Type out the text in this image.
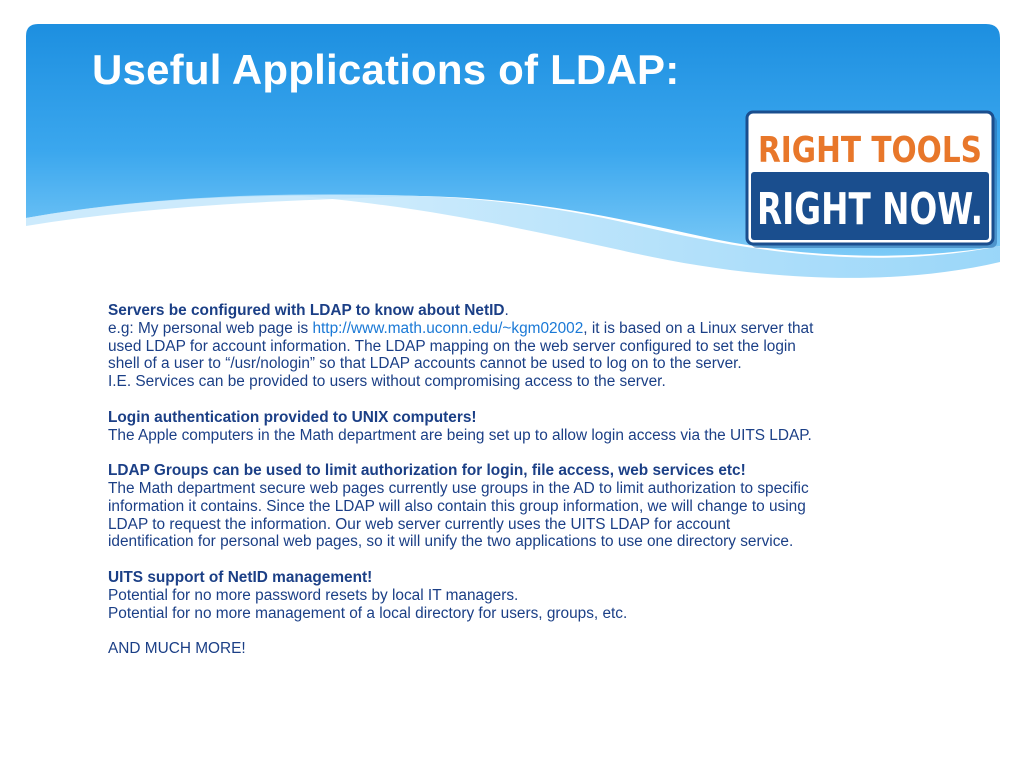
Useful Applications of LDAP:
RIGHT TOOLS
RIGHT NOW.
Servers be configured with LDAP to know about NetID.
e.g: My personal web page is http://www.math.uconn.edu/~kgm02002, it is based on a Linux server that
used LDAP for account information. The LDAP mapping on the web server configured to set the login
shell of a user to “/usr/nologin” so that LDAP accounts cannot be used to log on to the server.
I.E. Services can be provided to users without compromising access to the server.
Login authentication provided to UNIX computers!
The Apple computers in the Math department are being set up to allow login access via the UITS LDAP.
LDAP Groups can be used to limit authorization for login, file access, web services etc!
The Math department secure web pages currently use groups in the AD to limit authorization to specific
information it contains. Since the LDAP will also contain this group information, we will change to using
LDAP to request the information. Our web server currently uses the UITS LDAP for account
identification for personal web pages, so it will unify the two applications to use one directory service.
UITS support of NetID management!
Potential for no more password resets by local IT managers.
Potential for no more management of a local directory for users, groups, etc.
AND MUCH MORE!
